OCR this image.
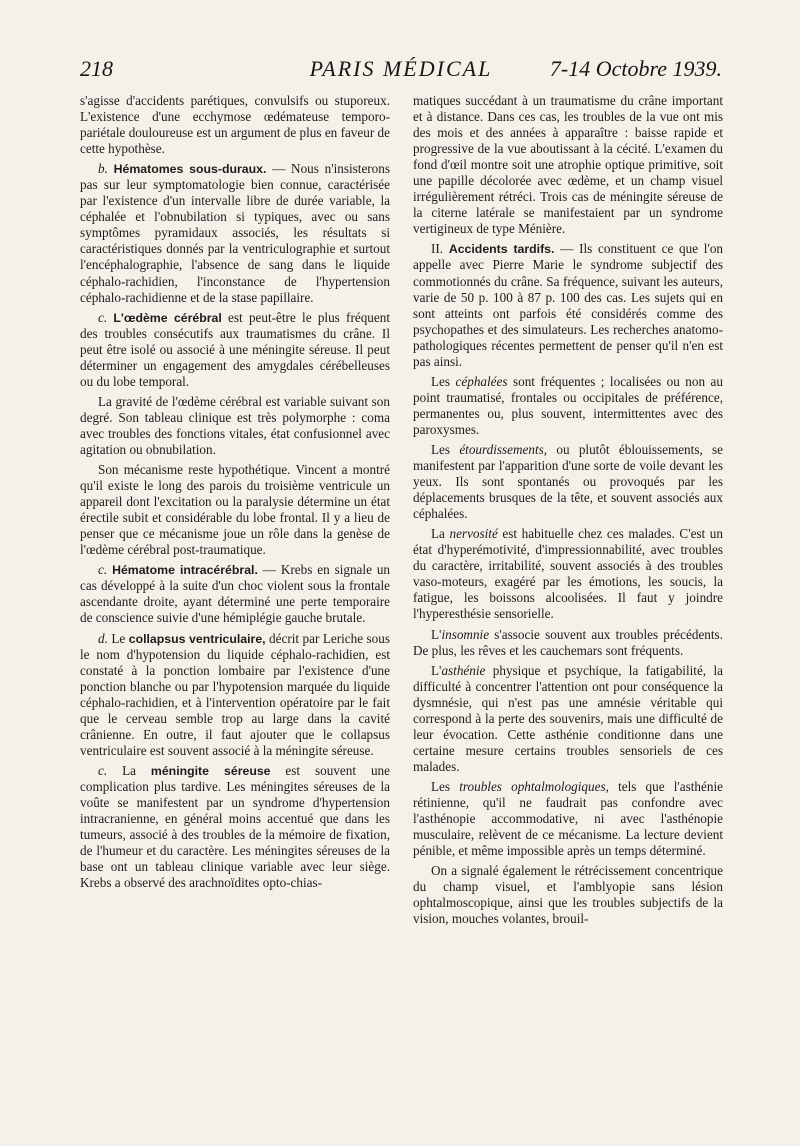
218	PARIS MÉDICAL	7-14 Octobre 1939.

s'agisse d'accidents parétiques, convulsifs ou stuporeux. L'existence d'une ecchymose œdémateuse temporo-pariétale douloureuse est un argument de plus en faveur de cette hypothèse.

b. Hématomes sous-duraux. — Nous n'insisterons pas sur leur symptomatologie bien connue, caractérisée par l'existence d'un intervalle libre de durée variable, la céphalée et l'obnubilation si typiques, avec ou sans symptômes pyramidaux associés, les résultats si caractéristiques donnés par la ventriculographie et surtout l'encéphalographie, l'absence de sang dans le liquide céphalo-rachidien, l'inconstance de l'hypertension céphalo-rachidienne et de la stase papillaire.

c. L'œdème cérébral est peut-être le plus fréquent des troubles consécutifs aux traumatismes du crâne. Il peut être isolé ou associé à une méningite séreuse. Il peut déterminer un engagement des amygdales cérébelleuses ou du lobe temporal.

La gravité de l'œdème cérébral est variable suivant son degré. Son tableau clinique est très polymorphe : coma avec troubles des fonctions vitales, état confusionnel avec agitation ou obnubilation.

Son mécanisme reste hypothétique. Vincent a montré qu'il existe le long des parois du troisième ventricule un appareil dont l'excitation ou la paralysie détermine un état érectile subit et considérable du lobe frontal. Il y a lieu de penser que ce mécanisme joue un rôle dans la genèse de l'œdème cérébral post-traumatique.

c. Hématome intracérébral. — Krebs en signale un cas développé à la suite d'un choc violent sous la frontale ascendante droite, ayant déterminé une perte temporaire de conscience suivie d'une hémiplégie gauche brutale.

d. Le collapsus ventriculaire, décrit par Leriche sous le nom d'hypotension du liquide céphalo-rachidien, est constaté à la ponction lombaire par l'existence d'une ponction blanche ou par l'hypotension marquée du liquide céphalo-rachidien, et à l'intervention opératoire par le fait que le cerveau semble trop au large dans la cavité crânienne. En outre, il faut ajouter que le collapsus ventriculaire est souvent associé à la méningite séreuse.

c. La méningite séreuse est souvent une complication plus tardive. Les méningites séreuses de la voûte se manifestent par un syndrome d'hypertension intracranienne, en général moins accentué que dans les tumeurs, associé à des troubles de la mémoire de fixation, de l'humeur et du caractère. Les méningites séreuses de la base ont un tableau clinique variable avec leur siège. Krebs a observé des arachnoïdites opto-chias-

matiques succédant à un traumatisme du crâne important et à distance. Dans ces cas, les troubles de la vue ont mis des mois et des années à apparaître : baisse rapide et progressive de la vue aboutissant à la cécité. L'examen du fond d'œil montre soit une atrophie optique primitive, soit une papille décolorée avec œdème, et un champ visuel irrégulièrement rétréci. Trois cas de méningite séreuse de la citerne latérale se manifestaient par un syndrome vertigineux de type Ménière.

II. Accidents tardifs. — Ils constituent ce que l'on appelle avec Pierre Marie le syndrome subjectif des commotionnés du crâne. Sa fréquence, suivant les auteurs, varie de 50 p. 100 à 87 p. 100 des cas. Les sujets qui en sont atteints ont parfois été considérés comme des psychopathes et des simulateurs. Les recherches anatomo-pathologiques récentes permettent de penser qu'il n'en est pas ainsi.

Les céphalées sont fréquentes ; localisées ou non au point traumatisé, frontales ou occipitales de préférence, permanentes ou, plus souvent, intermittentes avec des paroxysmes.

Les étourdissements, ou plutôt éblouissements, se manifestent par l'apparition d'une sorte de voile devant les yeux. Ils sont spontanés ou provoqués par les déplacements brusques de la tête, et souvent associés aux céphalées.

La nervosité est habituelle chez ces malades. C'est un état d'hyperémotivité, d'impressionnabilité, avec troubles du caractère, irritabilité, souvent associés à des troubles vaso-moteurs, exagéré par les émotions, les soucis, la fatigue, les boissons alcoolisées. Il faut y joindre l'hyperesthésie sensorielle.

L'insomnie s'associe souvent aux troubles précédents. De plus, les rêves et les cauchemars sont fréquents.

L'asthénie physique et psychique, la fatigabilité, la difficulté à concentrer l'attention ont pour conséquence la dysmnésie, qui n'est pas une amnésie véritable qui correspond à la perte des souvenirs, mais une difficulté de leur évocation. Cette asthénie conditionne dans une certaine mesure certains troubles sensoriels de ces malades.

Les troubles ophtalmologiques, tels que l'asthénie rétinienne, qu'il ne faudrait pas confondre avec l'asthénopie accommodative, ni avec l'asthénopie musculaire, relèvent de ce mécanisme. La lecture devient pénible, et même impossible après un temps déterminé.

On a signalé également le rétrécissement concentrique du champ visuel, et l'amblyopie sans lésion ophtalmoscopique, ainsi que les troubles subjectifs de la vision, mouches volantes, brouil-
